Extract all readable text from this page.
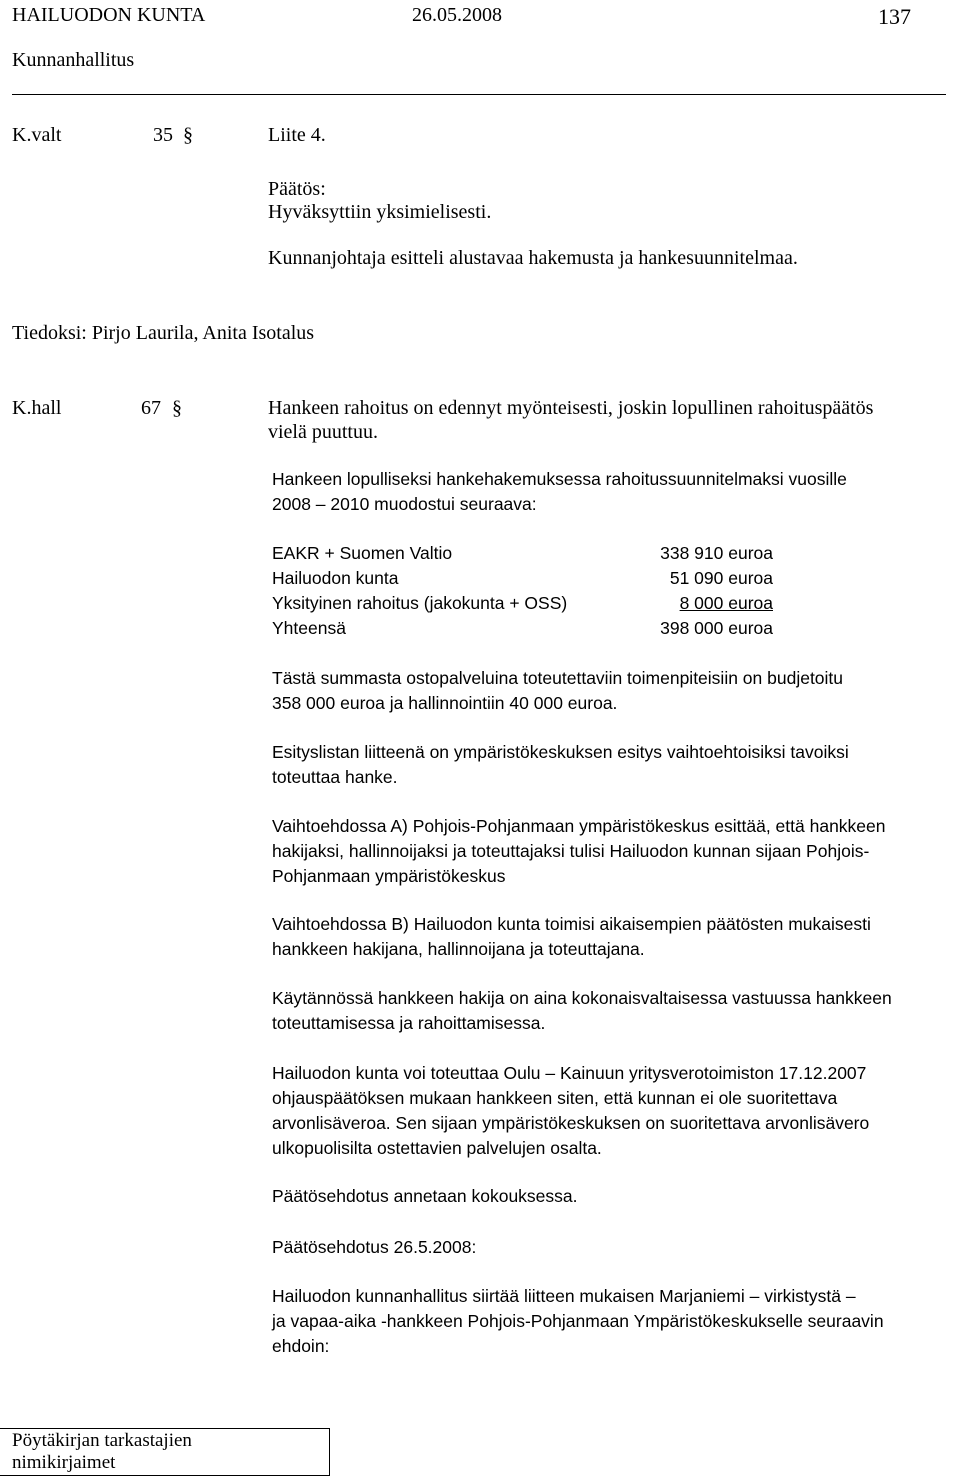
HAILUODON KUNTA	26.05.2008	137
Kunnanhallitus
K.valt	35 §	Liite 4.
Päätös:
Hyväksyttiin yksimielisesti.
Kunnanjohtaja esitteli alustavaa hakemusta ja hankesuunnitelmaa.
Tiedoksi: Pirjo Laurila, Anita Isotalus
K.hall	67 §	Hankeen rahoitus on edennyt myönteisesti, joskin lopullinen rahoituspäätös
vielä puuttuu.
Hankeen lopulliseksi hankehakemuksessa rahoitussuunnitelmaksi vuosille
2008 – 2010 muodostui seuraava:
EAKR + Suomen Valtio	338 910 euroa
Hailuodon kunta	51 090 euroa
Yksityinen rahoitus (jakokunta + OSS)	8 000 euroa
Yhteensä	398 000 euroa
Tästä summasta ostopalveluina toteutettaviin toimenpiteisiin on budjetoitu
358 000 euroa ja hallinnointiin 40 000 euroa.
Esityslistan liitteenä on ympäristökeskuksen esitys vaihtoehtoisiksi tavoiksi
toteuttaa hanke.
Vaihtoehdossa A) Pohjois-Pohjanmaan ympäristökeskus esittää, että hankkeen
hakijaksi, hallinnoijaksi ja toteuttajaksi tulisi Hailuodon kunnan sijaan Pohjois-
Pohjanmaan ympäristökeskus
Vaihtoehdossa B) Hailuodon kunta toimisi aikaisempien päätösten mukaisesti
hankkeen hakijana, hallinnoijana ja toteuttajana.
Käytännössä hankkeen hakija on aina kokonaisvaltaisessa vastuussa hankkeen
toteuttamisessa ja rahoittamisessa.
Hailuodon kunta voi toteuttaa Oulu – Kainuun yritysverotoimiston 17.12.2007
ohjauspäätöksen mukaan hankkeen siten, että kunnan ei ole suoritettava
arvonlisäveroa. Sen sijaan ympäristökeskuksen on suoritettava arvonlisävero
ulkopuolisilta ostettavien palvelujen osalta.
Päätösehdotus annetaan kokouksessa.
Päätösehdotus 26.5.2008:
Hailuodon kunnanhallitus siirtää liitteen mukaisen Marjaniemi – virkistystä –
ja vapaa-aika -hankkeen Pohjois-Pohjanmaan Ympäristökeskukselle seuraavin
ehdoin:
Pöytäkirjan tarkastajien
nimikirjaimet
